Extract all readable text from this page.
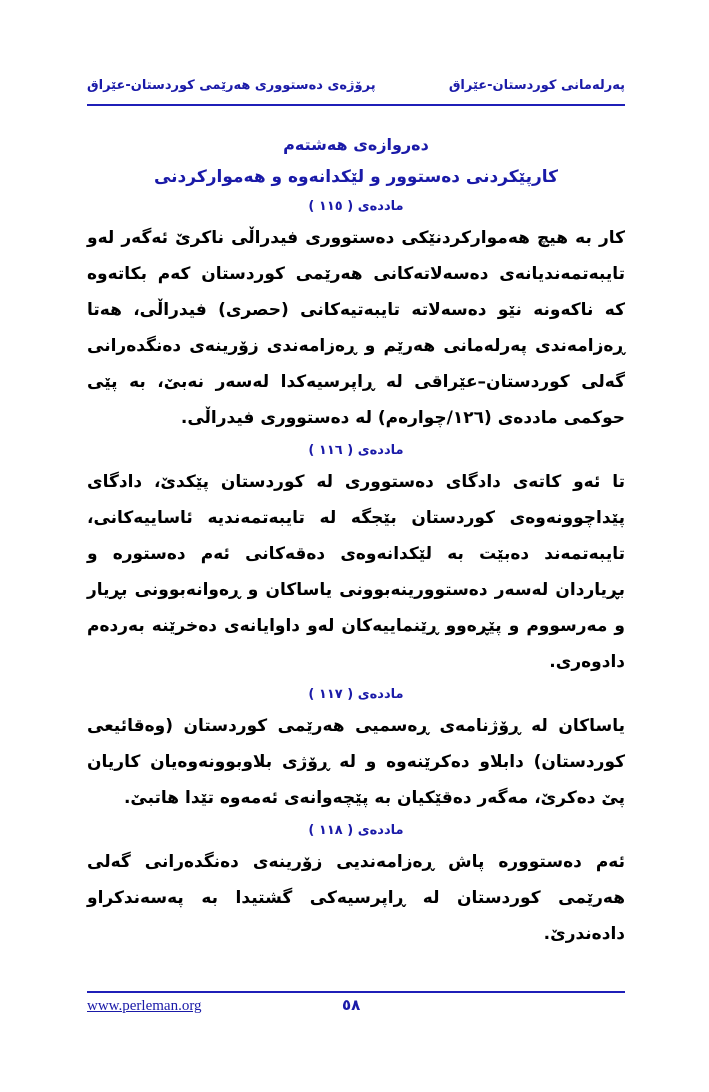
پەرلەمانی کوردستان-عێراق
پرۆژەی دەستووری هەرێمی کوردستان-عێراق
دەروازەی هەشتەم
کارپێکردنی دەستوور و لێکدانەوە و هەمواركردنی
ماددەی ( ١١٥ )

کار بە هیچ هەموارکردنێکی دەستووری فیدراڵی ناکرێ ئەگەر لەو تایبەتمەندیانەی دەسەلاتەکانی هەرێمی کوردستان کەم بکاتەوە کە ناکەونە نێو دەسەلاتە تایبەتیەکانی (حصری) فیدراڵی، هەتا ڕەزامەندی پەرلەمانی هەرێم و ڕەزامەندی زۆرینەی دەنگدەرانی گەلی کوردستان–عێراقی لە ڕاپرسیەکدا لەسەر نەبێ، بە پێی حوکمی ماددەی (١٢٦/چوارەم) لە دەستووری فیدراڵی.

ماددەی ( ١١٦ )

تا ئەو کاتەی دادگای دەستووری لە کوردستان پێکدێ، دادگای پێداچوونەوەی کوردستان بێجگە لە تایبەتمەندیە ئاساییەکانی، تایبەتمەند دەبێت بە لێکدانەوەی دەقەکانی ئەم دەستورە و بڕیاردان لەسەر دەستوورینەبوونی یاساکان و ڕەوانەبوونی بڕیار و مەرسووم و پێڕەوو ڕێنماییەکان لەو داوایانەی دەخرێنە بەردەم دادوەری.

ماددەی ( ١١٧ )

یاساکان لە ڕۆژنامەی ڕەسمیی هەرێمی کوردستان (وەقائیعی کوردستان) دابلاو دەکرێنەوە و لە ڕۆژی بلاوبوونەوەیان کاریان پێ دەکرێ، مەگەر دەقێکیان بە پێچەوانەی ئەمەوە تێدا هاتبێ.

ماددەی ( ١١٨ )

ئەم دەستوورە پاش ڕەزامەندیی زۆرینەی دەنگدەرانی گەلی هەرێمی کوردستان لە ڕاپرسیەکی گشتیدا بە پەسەندکراو دادەندرێ.

www.perleman.org	٥٨
